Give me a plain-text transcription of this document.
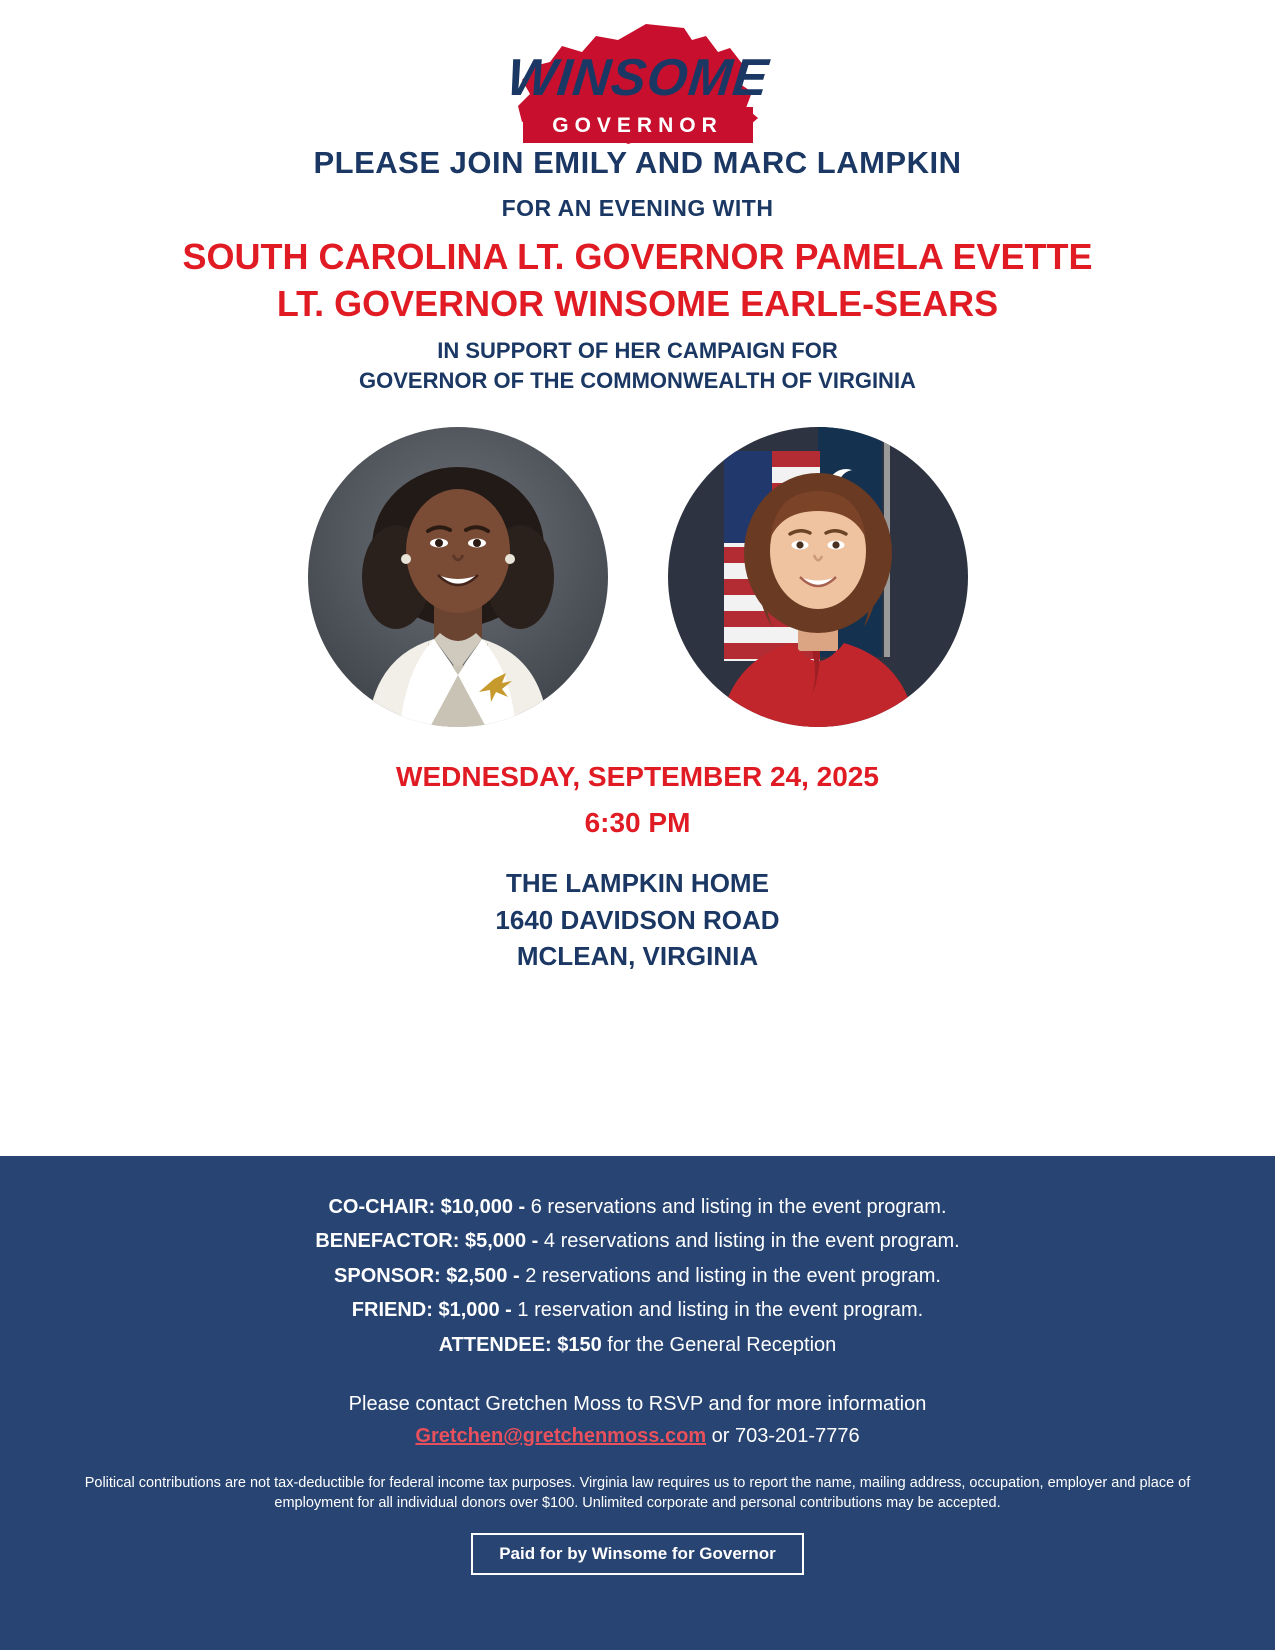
WINSOME
GOVERNOR
PLEASE JOIN EMILY AND MARC LAMPKIN
FOR AN EVENING WITH
SOUTH CAROLINA LT. GOVERNOR PAMELA EVETTE
LT. GOVERNOR WINSOME EARLE-SEARS
IN SUPPORT OF HER CAMPAIGN FOR
GOVERNOR OF THE COMMONWEALTH OF VIRGINIA
WEDNESDAY, SEPTEMBER 24, 2025
6:30 PM
THE LAMPKIN HOME
1640 DAVIDSON ROAD
MCLEAN, VIRGINIA
CO-CHAIR: $10,000 - 6 reservations and listing in the event program.
BENEFACTOR: $5,000 - 4 reservations and listing in the event program.
SPONSOR: $2,500 - 2 reservations and listing in the event program.
FRIEND: $1,000 - 1 reservation and listing in the event program.
ATTENDEE: $150 for the General Reception
Please contact Gretchen Moss to RSVP and for more information
Gretchen@gretchenmoss.com or 703-201-7776
Political contributions are not tax-deductible for federal income tax purposes. Virginia law requires us to report the name, mailing address, occupation, employer and place of employment for all individual donors over $100. Unlimited corporate and personal contributions may be accepted.
Paid for by Winsome for Governor
